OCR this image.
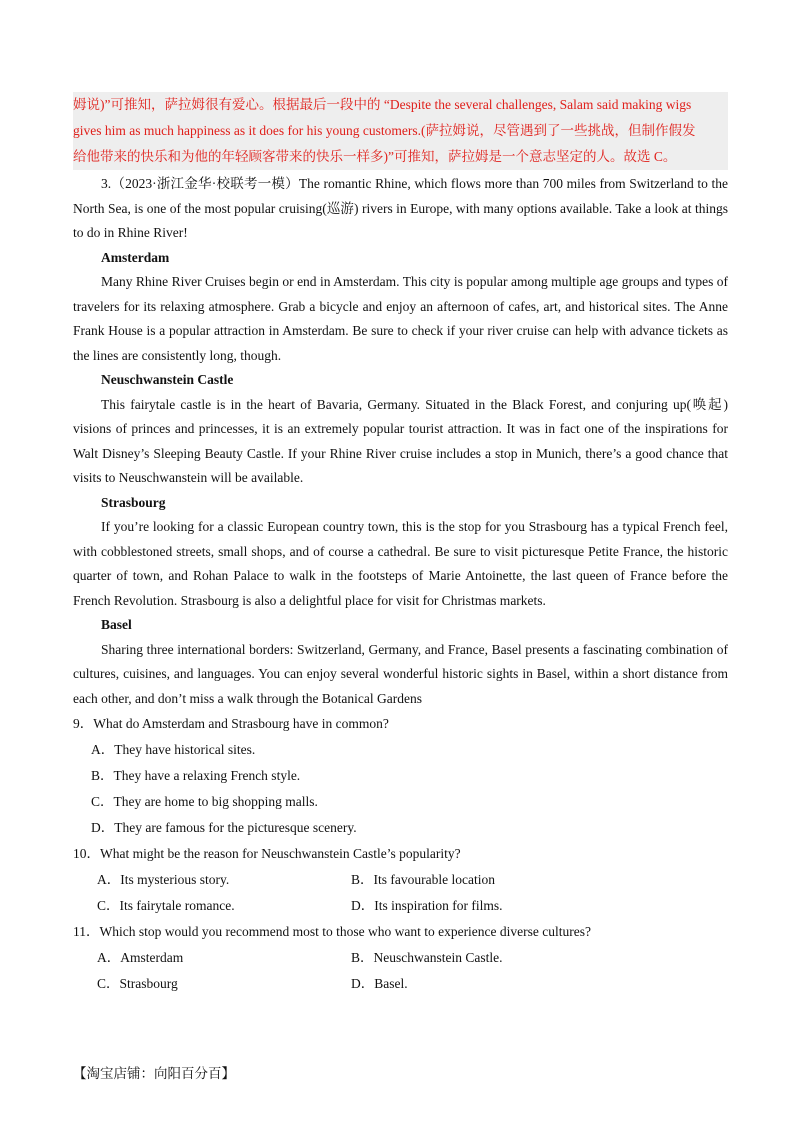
姆说)”可推知，萨拉姆很有爱心。根据最后一段中的 “Despite the several challenges, Salam said making wigs
gives him as much happiness as it does for his young customers.(萨拉姆说，尽管遇到了一些挑战，但制作假发
给他带来的快乐和为他的年轻顾客带来的快乐一样多)”可推知，萨拉姆是一个意志坚定的人。故选 C。

3.（2023·浙江金华·校联考一模）The romantic Rhine, which flows more than 700 miles from Switzerland to the North Sea, is one of the most popular cruising(巡游) rivers in Europe, with many options available. Take a look at things to do in Rhine River!

Amsterdam

Many Rhine River Cruises begin or end in Amsterdam. This city is popular among multiple age groups and types of travelers for its relaxing atmosphere. Grab a bicycle and enjoy an afternoon of cafes, art, and historical sites. The Anne Frank House is a popular attraction in Amsterdam. Be sure to check if your river cruise can help with advance tickets as the lines are consistently long, though.

Neuschwanstein Castle

This fairytale castle is in the heart of Bavaria, Germany. Situated in the Black Forest, and conjuring up(唤起) visions of princes and princesses, it is an extremely popular tourist attraction. It was in fact one of the inspirations for Walt Disney’s Sleeping Beauty Castle. If your Rhine River cruise includes a stop in Munich, there’s a good chance that visits to Neuschwanstein will be available.

Strasbourg

If you’re looking for a classic European country town, this is the stop for you Strasbourg has a typical French feel, with cobblestoned streets, small shops, and of course a cathedral. Be sure to visit picturesque Petite France, the historic quarter of town, and Rohan Palace to walk in the footsteps of Marie Antoinette, the last queen of France before the French Revolution. Strasbourg is also a delightful place for visit for Christmas markets.

Basel

Sharing three international borders: Switzerland, Germany, and France, Basel presents a fascinating combination of cultures, cuisines, and languages. You can enjoy several wonderful historic sights in Basel, within a short distance from each other, and don’t miss a walk through the Botanical Gardens

9．What do Amsterdam and Strasbourg have in common?

A．They have historical sites.

B．They have a relaxing French style.

C．They are home to big shopping malls.

D．They are famous for the picturesque scenery.

10．What might be the reason for Neuschwanstein Castle’s popularity?

A．Its mysterious story.	B．Its favourable location
C．Its fairytale romance.	D．Its inspiration for films.

11．Which stop would you recommend most to those who want to experience diverse cultures?

A．Amsterdam	B．Neuschwanstein Castle.
C．Strasbourg	D．Basel.
【淘宝店铺：向阳百分百】
